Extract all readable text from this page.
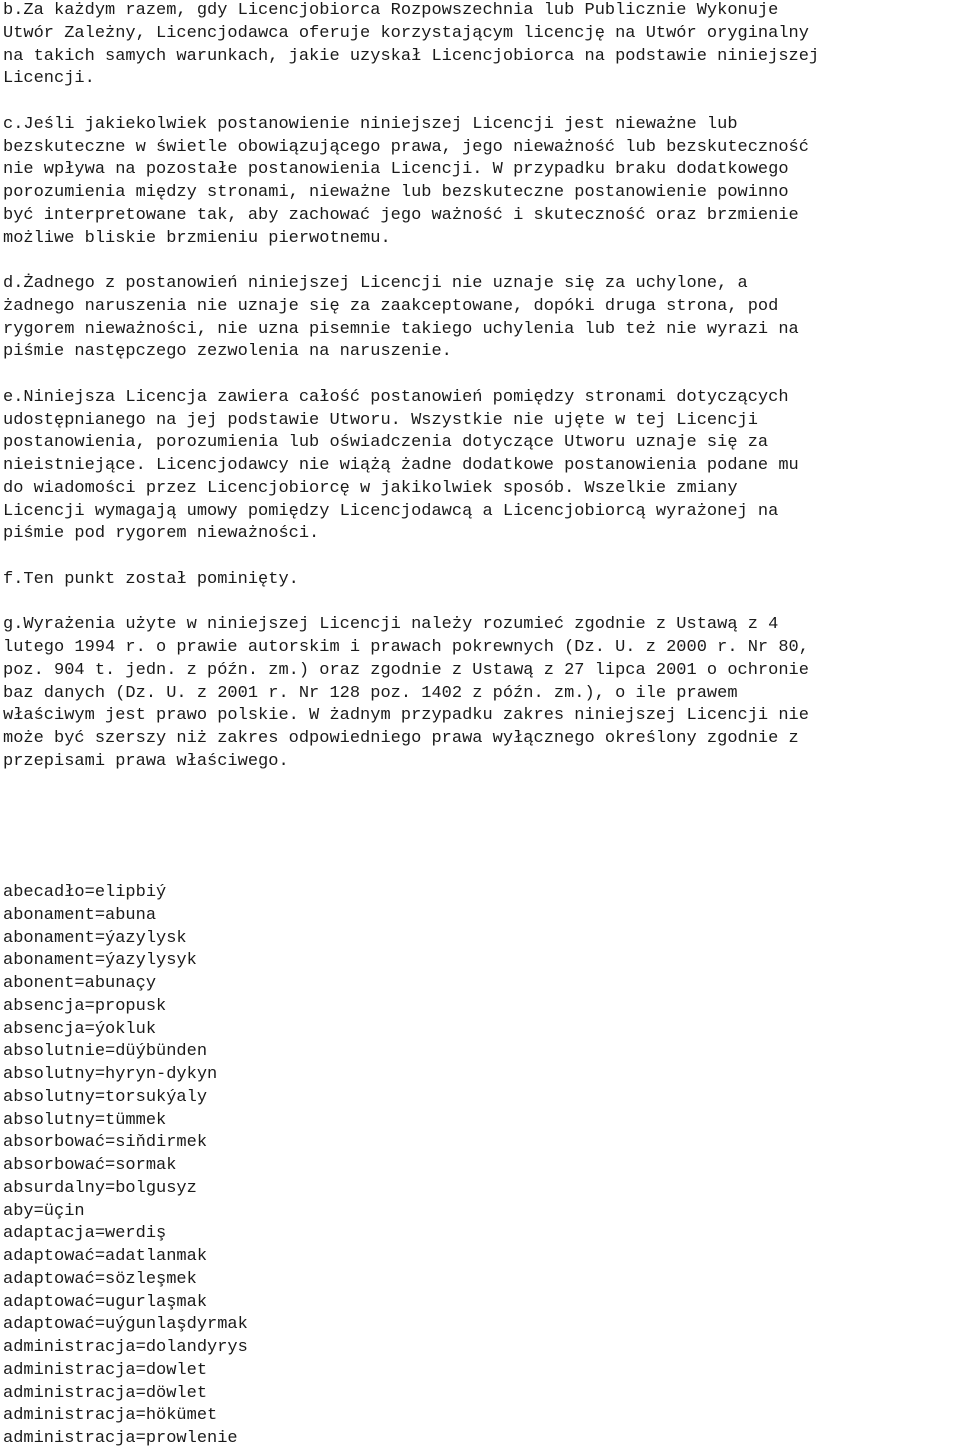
b.Za każdym razem, gdy Licencjobiorca Rozpowszechnia lub Publicznie Wykonuje
Utwór Zależny, Licencjodawca oferuje korzystającym licencję na Utwór oryginalny
na takich samych warunkach, jakie uzyskał Licencjobiorca na podstawie niniejszej
Licencji.
c.Jeśli jakiekolwiek postanowienie niniejszej Licencji jest nieważne lub
bezskuteczne w świetle obowiązującego prawa, jego nieważność lub bezskuteczność
nie wpływa na pozostałe postanowienia Licencji. W przypadku braku dodatkowego
porozumienia między stronami, nieważne lub bezskuteczne postanowienie powinno
być interpretowane tak, aby zachować jego ważność i skuteczność oraz brzmienie
możliwe bliskie brzmieniu pierwotnemu.
d.Żadnego z postanowień niniejszej Licencji nie uznaje się za uchylone, a
żadnego naruszenia nie uznaje się za zaakceptowane, dopóki druga strona, pod
rygorem nieważności, nie uzna pisemnie takiego uchylenia lub też nie wyrazi na
piśmie następczego zezwolenia na naruszenie.
e.Niniejsza Licencja zawiera całość postanowień pomiędzy stronami dotyczących
udostępnianego na jej podstawie Utworu. Wszystkie nie ujęte w tej Licencji
postanowienia, porozumienia lub oświadczenia dotyczące Utworu uznaje się za
nieistniejące. Licencjodawcy nie wiążą żadne dodatkowe postanowienia podane mu
do wiadomości przez Licencjobiorcę w jakikolwiek sposób. Wszelkie zmiany
Licencji wymagają umowy pomiędzy Licencjodawcą a Licencjobiorcą wyrażonej na
piśmie pod rygorem nieważności.
f.Ten punkt został pominięty.
g.Wyrażenia użyte w niniejszej Licencji należy rozumieć zgodnie z Ustawą z 4
lutego 1994 r. o prawie autorskim i prawach pokrewnych (Dz. U. z 2000 r. Nr 80,
poz. 904 t. jedn. z późn. zm.) oraz zgodnie z Ustawą z 27 lipca 2001 o ochronie
baz danych (Dz. U. z 2001 r. Nr 128 poz. 1402 z późn. zm.), o ile prawem
właściwym jest prawo polskie. W żadnym przypadku zakres niniejszej Licencji nie
może być szerszy niż zakres odpowiedniego prawa wyłącznego określony zgodnie z
przepisami prawa właściwego.
abecadło=elipbiý
abonament=abuna
abonament=ýazylysk
abonament=ýazylysyk
abonent=abunaçy
absencja=propusk
absencja=ýokluk
absolutnie=düýbünden
absolutny=hyryn-dykyn
absolutny=torsukýaly
absolutny=tümmek
absorbować=siňdirmek
absorbować=sormak
absurdalny=bolgusyz
aby=üçin
adaptacja=werdiş
adaptować=adatlanmak
adaptować=sözleşmek
adaptować=ugurlaşmak
adaptować=uýgunlaşdyrmak
administracja=dolandyrys
administracja=dowlet
administracja=döwlet
administracja=hökümet
administracja=prowlenie
